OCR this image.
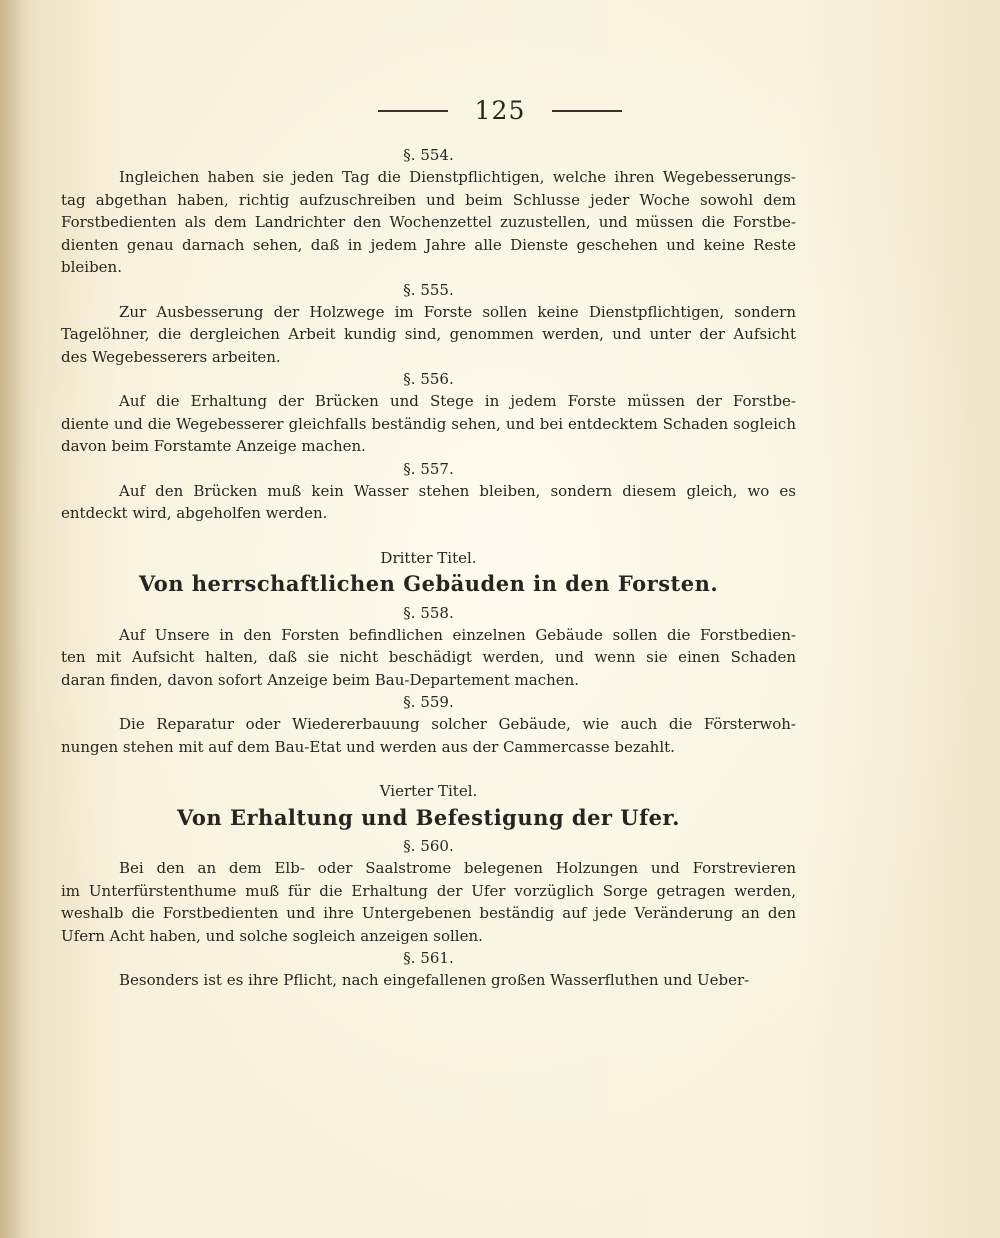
125
§. 554.
Ingleichen haben sie jeden Tag die Dienstpflichtigen, welche ihren Wegebesserungs-
tag abgethan haben, richtig aufzuschreiben und beim Schlusse jeder Woche sowohl dem
Forstbedienten als dem Landrichter den Wochenzettel zuzustellen, und müssen die Forstbe-
dienten genau darnach sehen, daß in jedem Jahre alle Dienste geschehen und keine Reste
bleiben.
§. 555.
Zur Ausbesserung der Holzwege im Forste sollen keine Dienstpflichtigen, sondern
Tagelöhner, die dergleichen Arbeit kundig sind, genommen werden, und unter der Aufsicht
des Wegebesserers arbeiten.
§. 556.
Auf die Erhaltung der Brücken und Stege in jedem Forste müssen der Forstbe-
diente und die Wegebesserer gleichfalls beständig sehen, und bei entdecktem Schaden sogleich
davon beim Forstamte Anzeige machen.
§. 557.
Auf den Brücken muß kein Wasser stehen bleiben, sondern diesem gleich, wo es
entdeckt wird, abgeholfen werden.
Dritter Titel.
Von herrschaftlichen Gebäuden in den Forsten.
§. 558.
Auf Unsere in den Forsten befindlichen einzelnen Gebäude sollen die Forstbedien-
ten mit Aufsicht halten, daß sie nicht beschädigt werden, und wenn sie einen Schaden
daran finden, davon sofort Anzeige beim Bau-Departement machen.
§. 559.
Die Reparatur oder Wiedererbauung solcher Gebäude, wie auch die Försterwoh-
nungen stehen mit auf dem Bau-Etat und werden aus der Cammercasse bezahlt.
Vierter Titel.
Von Erhaltung und Befestigung der Ufer.
§. 560.
Bei den an dem Elb- oder Saalstrome belegenen Holzungen und Forstrevieren
im Unterfürstenthume muß für die Erhaltung der Ufer vorzüglich Sorge getragen werden,
weshalb die Forstbedienten und ihre Untergebenen beständig auf jede Veränderung an den
Ufern Acht haben, und solche sogleich anzeigen sollen.
§. 561.
Besonders ist es ihre Pflicht, nach eingefallenen großen Wasserfluthen und Ueber-
